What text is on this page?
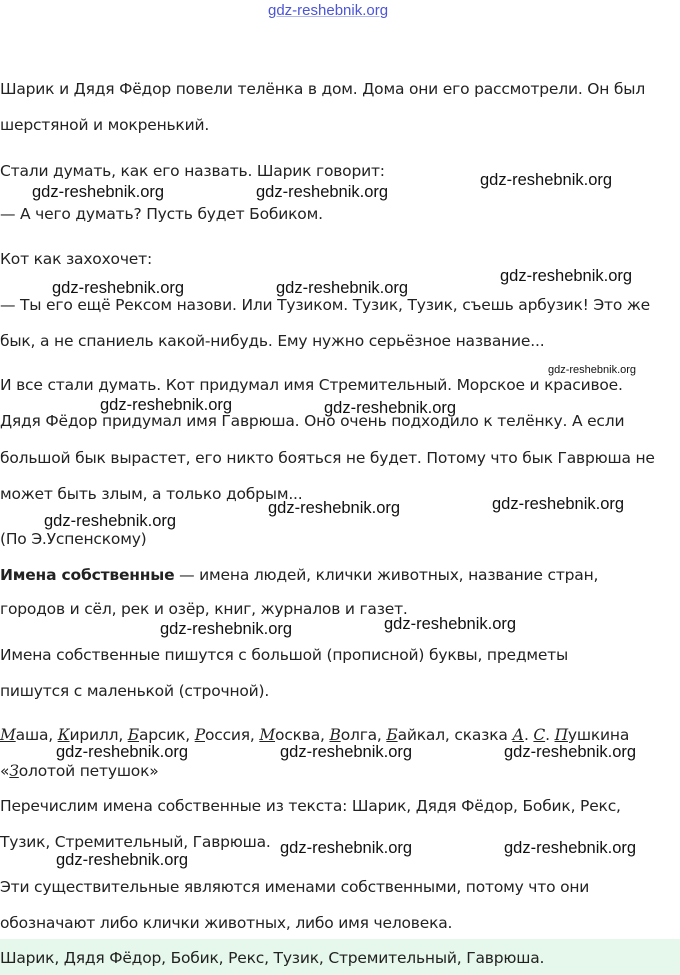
gdz-reshebnik.org
Шарик и Дядя Фёдор повели телёнка в дом. Дома они его рассмотрели. Он был
шерстяной и мокренький.
Стали думать, как его назвать. Шарик говорит:
— А чего думать? Пусть будет Бобиком.
Кот как захохочет:
— Ты его ещё Рексом назови. Или Тузиком. Тузик, Тузик, съешь арбузик! Это же
бык, а не спаниель какой-нибудь. Ему нужно серьёзное название...
И все стали думать. Кот придумал имя Стремительный. Морское и красивое.
Дядя Фёдор придумал имя Гаврюша. Оно очень подходило к телёнку. А если
большой бык вырастет, его никто бояться не будет. Потому что бык Гаврюша не
может быть злым, а только добрым...
(По Э.Успенскому)
Имена собственные — имена людей, клички животных, название стран,
городов и сёл, рек и озёр, книг, журналов и газет.
Имена собственные пишутся с большой (прописной) буквы, предметы
пишутся с маленькой (строчной).
Маша, Кирилл, Барсик, Россия, Москва, Волга, Байкал, сказка А. С. Пушкина
«Золотой петушок»
Перечислим имена собственные из текста: Шарик, Дядя Фёдор, Бобик, Рекс,
Тузик, Стремительный, Гаврюша.
Эти существительные являются именами собственными, потому что они
обозначают либо клички животных, либо имя человека.
Шарик, Дядя Фёдор, Бобик, Рекс, Тузик, Стремительный, Гаврюша.
gdz-reshebnik.org	gdz-reshebnik.org
gdz-reshebnik.org
gdz-reshebnik.org	gdz-reshebnik.org
gdz-reshebnik.org
gdz-reshebnik.org
gdz-reshebnik.org	gdz-reshebnik.org
gdz-reshebnik.org
gdz-reshebnik.org	gdz-reshebnik.org
gdz-reshebnik.org	gdz-reshebnik.org
gdz-reshebnik.org	gdz-reshebnik.org	gdz-reshebnik.org
gdz-reshebnik.org
gdz-reshebnik.org	gdz-reshebnik.org
